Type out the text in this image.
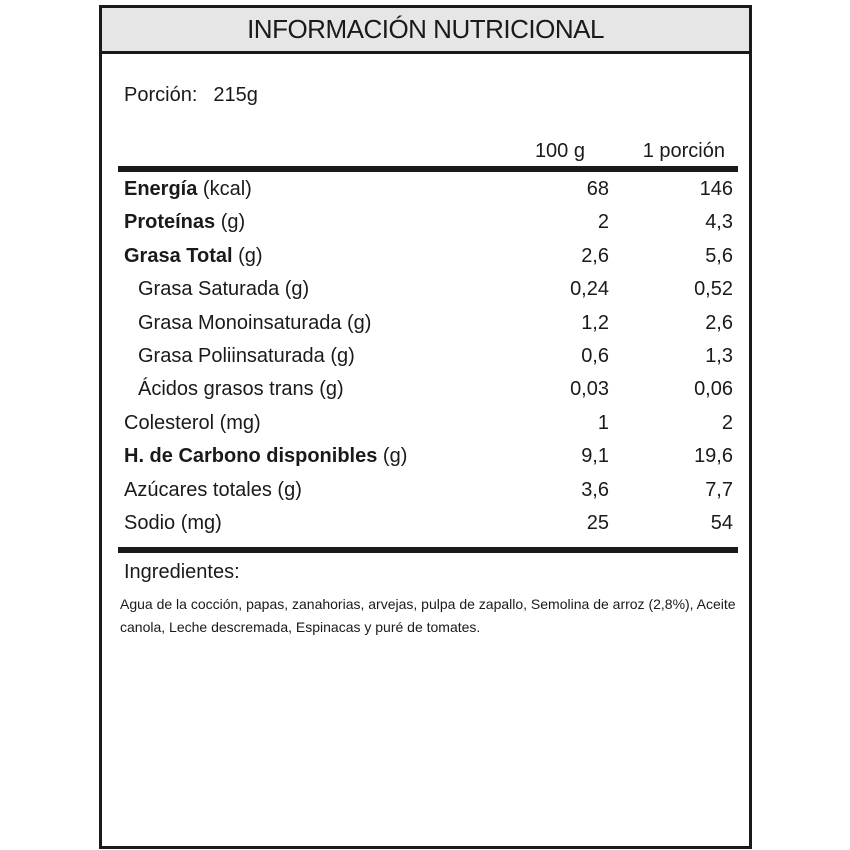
INFORMACIÓN NUTRICIONAL
Porción: 215g
100 g	1 porción
Energía (kcal)	68	146
Proteínas (g)	2	4,3
Grasa Total (g)	2,6	5,6
Grasa Saturada (g)	0,24	0,52
Grasa Monoinsaturada (g)	1,2	2,6
Grasa Poliinsaturada (g)	0,6	1,3
Ácidos grasos trans (g)	0,03	0,06
Colesterol (mg)	1	2
H. de Carbono disponibles (g)	9,1	19,6
Azúcares totales (g)	3,6	7,7
Sodio (mg)	25	54
Ingredientes:
Agua de la cocción, papas, zanahorias, arvejas, pulpa de zapallo, Semolina de arroz (2,8%), Aceite canola, Leche descremada, Espinacas y puré de tomates.
